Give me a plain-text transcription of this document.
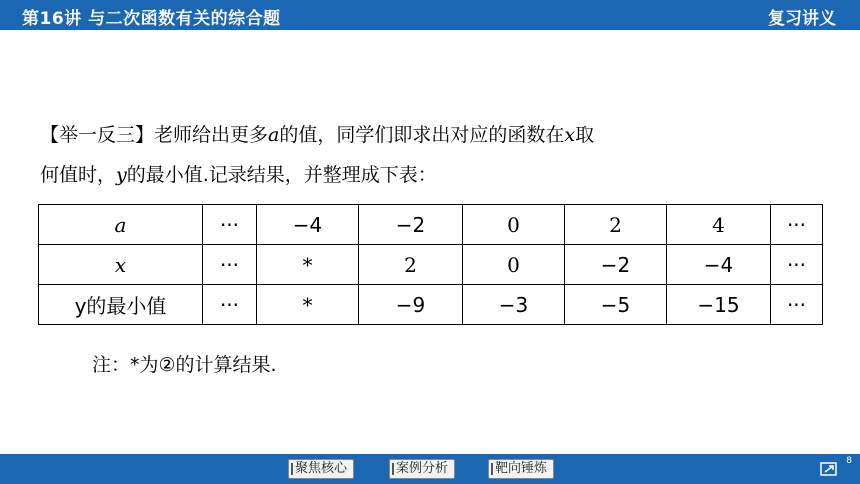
第16讲 与二次函数有关的综合题	复习讲义
【举一反三】老师给出更多a的值，同学们即求出对应的函数在x取
何值时，y的最小值.记录结果，并整理成下表：
a	···	−4	−2	0	2	4	···
x	···	*	2	0	−2	−4	···
y的最小值	···	*	−9	−3	−5	−15	···
注：*为②的计算结果.
聚焦核心	案例分析	靶向锤炼	8
